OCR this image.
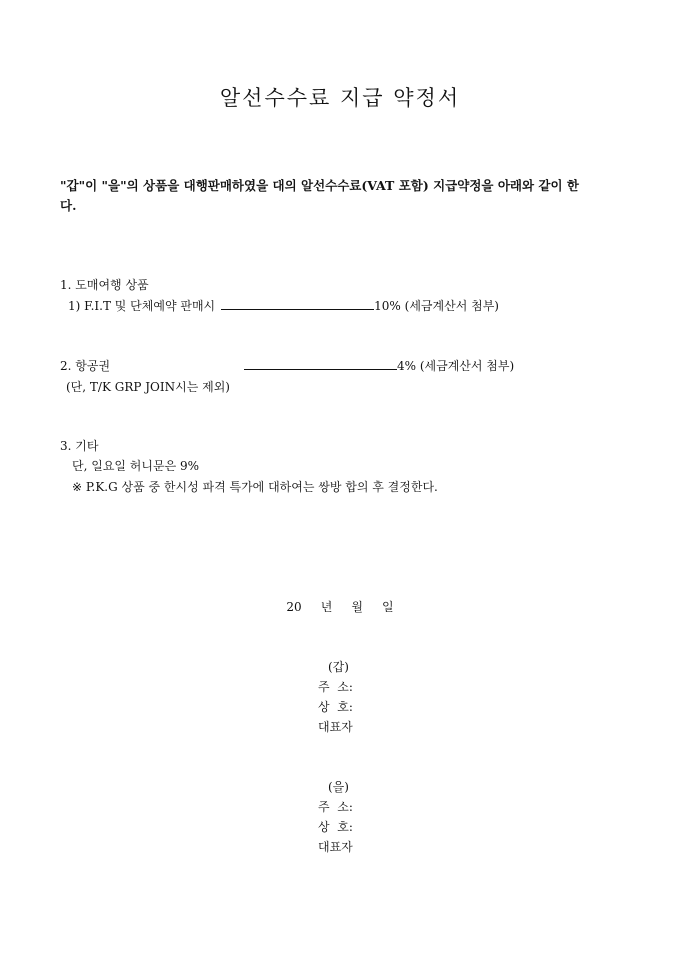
알선수수료 지급 약정서
"갑"이 "을"의 상품을 대행판매하였을 대의 알선수수료(VAT 포함) 지급약정을 아래와 같이 한
다.
1. 도매여행 상품
1) F.I.T 및 단체예약 판매시	10% (세금계산서 첨부)
2. 항공권	4% (세금계산서 첨부)
(단, T/K GRP JOIN시는 제외)
3. 기타
단, 일요일 허니문은 9%
※ P.K.G 상품 중 한시성 파격 특가에 대하여는 쌍방 합의 후 결정한다.
20     년     월     일
(갑)
주  소:
상  호:
대표자
(을)
주  소:
상  호:
대표자
